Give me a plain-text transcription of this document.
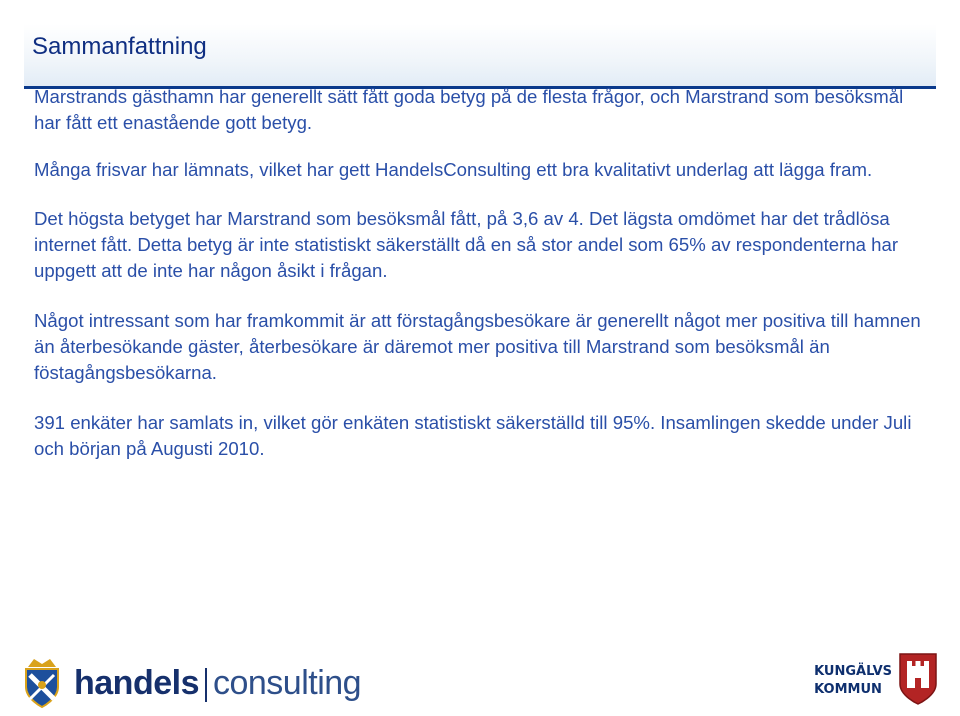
Sammanfattning

Marstrands gästhamn har generellt sätt fått goda betyg på de flesta frågor, och Marstrand som besöksmål har fått ett enastående gott betyg.

Många frisvar har lämnats, vilket har gett HandelsConsulting ett bra kvalitativt underlag att lägga fram.

Det högsta betyget har Marstrand som besöksmål fått, på 3,6 av 4. Det lägsta omdömet har det trådlösa internet fått. Detta betyg är inte statistiskt säkerställt då en så stor andel som 65% av respondenterna har uppgett att de inte har någon åsikt i frågan.

Något intressant som har framkommit är att förstagångsbesökare är generellt något mer positiva till hamnen än återbesökande gäster, återbesökare är däremot mer positiva till Marstrand som besöksmål än föstagångsbesökarna.

391 enkäter har samlats in, vilket gör enkäten statistiskt säkerställd till 95%. Insamlingen skedde under Juli och början på Augusti 2010.

handels consulting	KUNGÄLVS
KOMMUN
